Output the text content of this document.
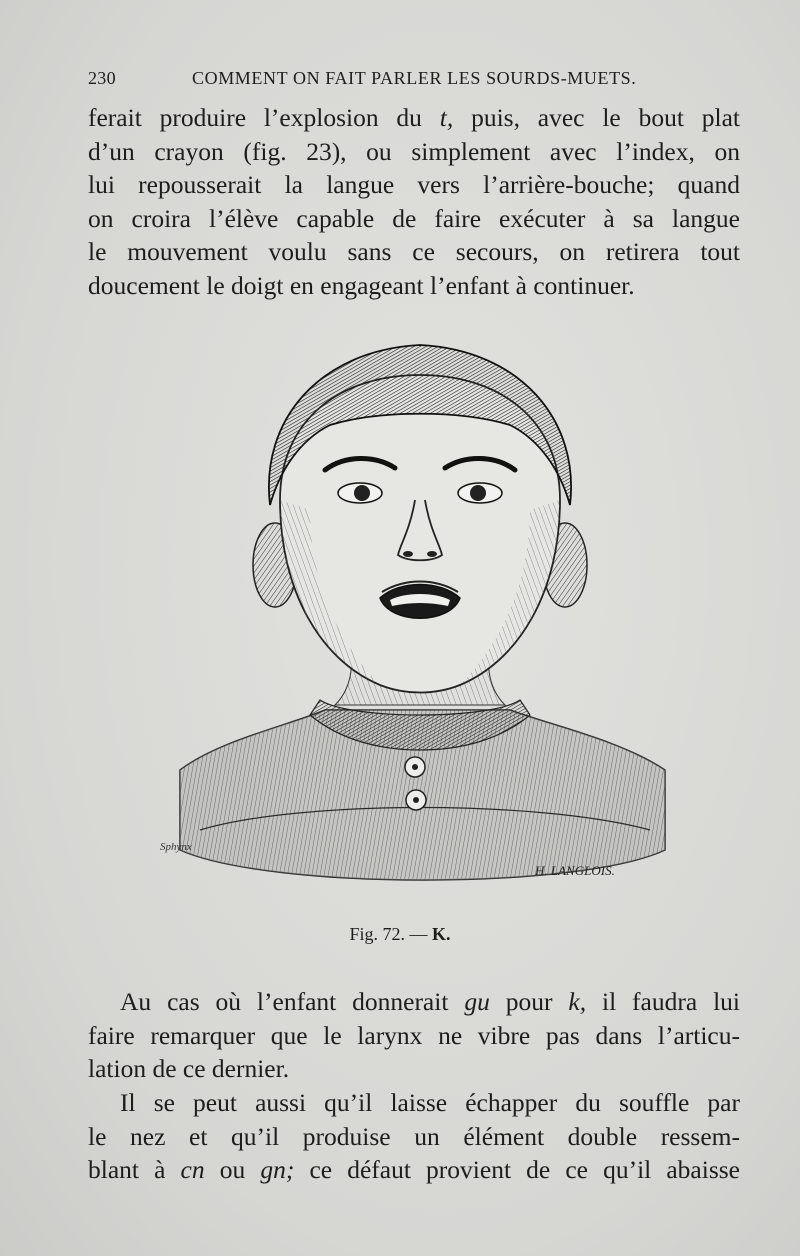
230	COMMENT ON FAIT PARLER LES SOURDS-MUETS.
ferait produire l’explosion du t, puis, avec le bout plat
d’un crayon (fig. 23), ou simplement avec l’index, on
lui repousserait la langue vers l’arrière-bouche; quand
on croira l’élève capable de faire exécuter à sa langue
le mouvement voulu sans ce secours, on retirera tout
doucement le doigt en engageant l’enfant à continuer.
Sphynx
H. LANGLOIS.
Fig. 72. — K.
Au cas où l’enfant donnerait gu pour k, il faudra lui
faire remarquer que le larynx ne vibre pas dans l’articu-
lation de ce dernier.
Il se peut aussi qu’il laisse échapper du souffle par
le nez et qu’il produise un élément double ressem-
blant à cn ou gn; ce défaut provient de ce qu’il abaisse
